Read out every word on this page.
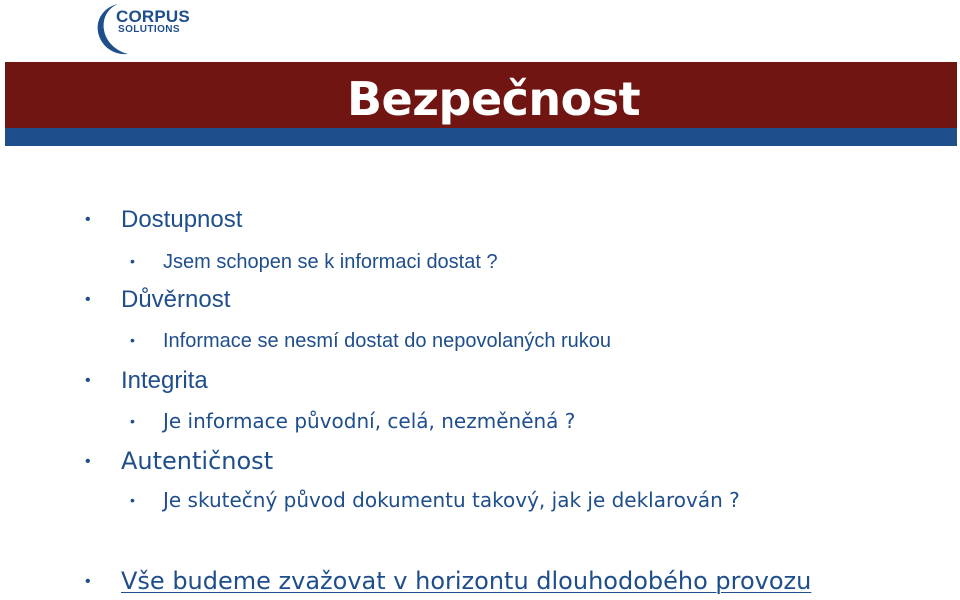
CORPUS
SOLUTIONS
Bezpečnost
• Dostupnost
• Jsem schopen se k informaci dostat ?
• Důvěrnost
• Informace se nesmí dostat do nepovolaných rukou
• Integrita
• Je informace původní, celá, nezměněná ?
• Autentičnost
• Je skutečný původ dokumentu takový, jak je deklarován ?
• Vše budeme zvažovat v horizontu dlouhodobého provozu
